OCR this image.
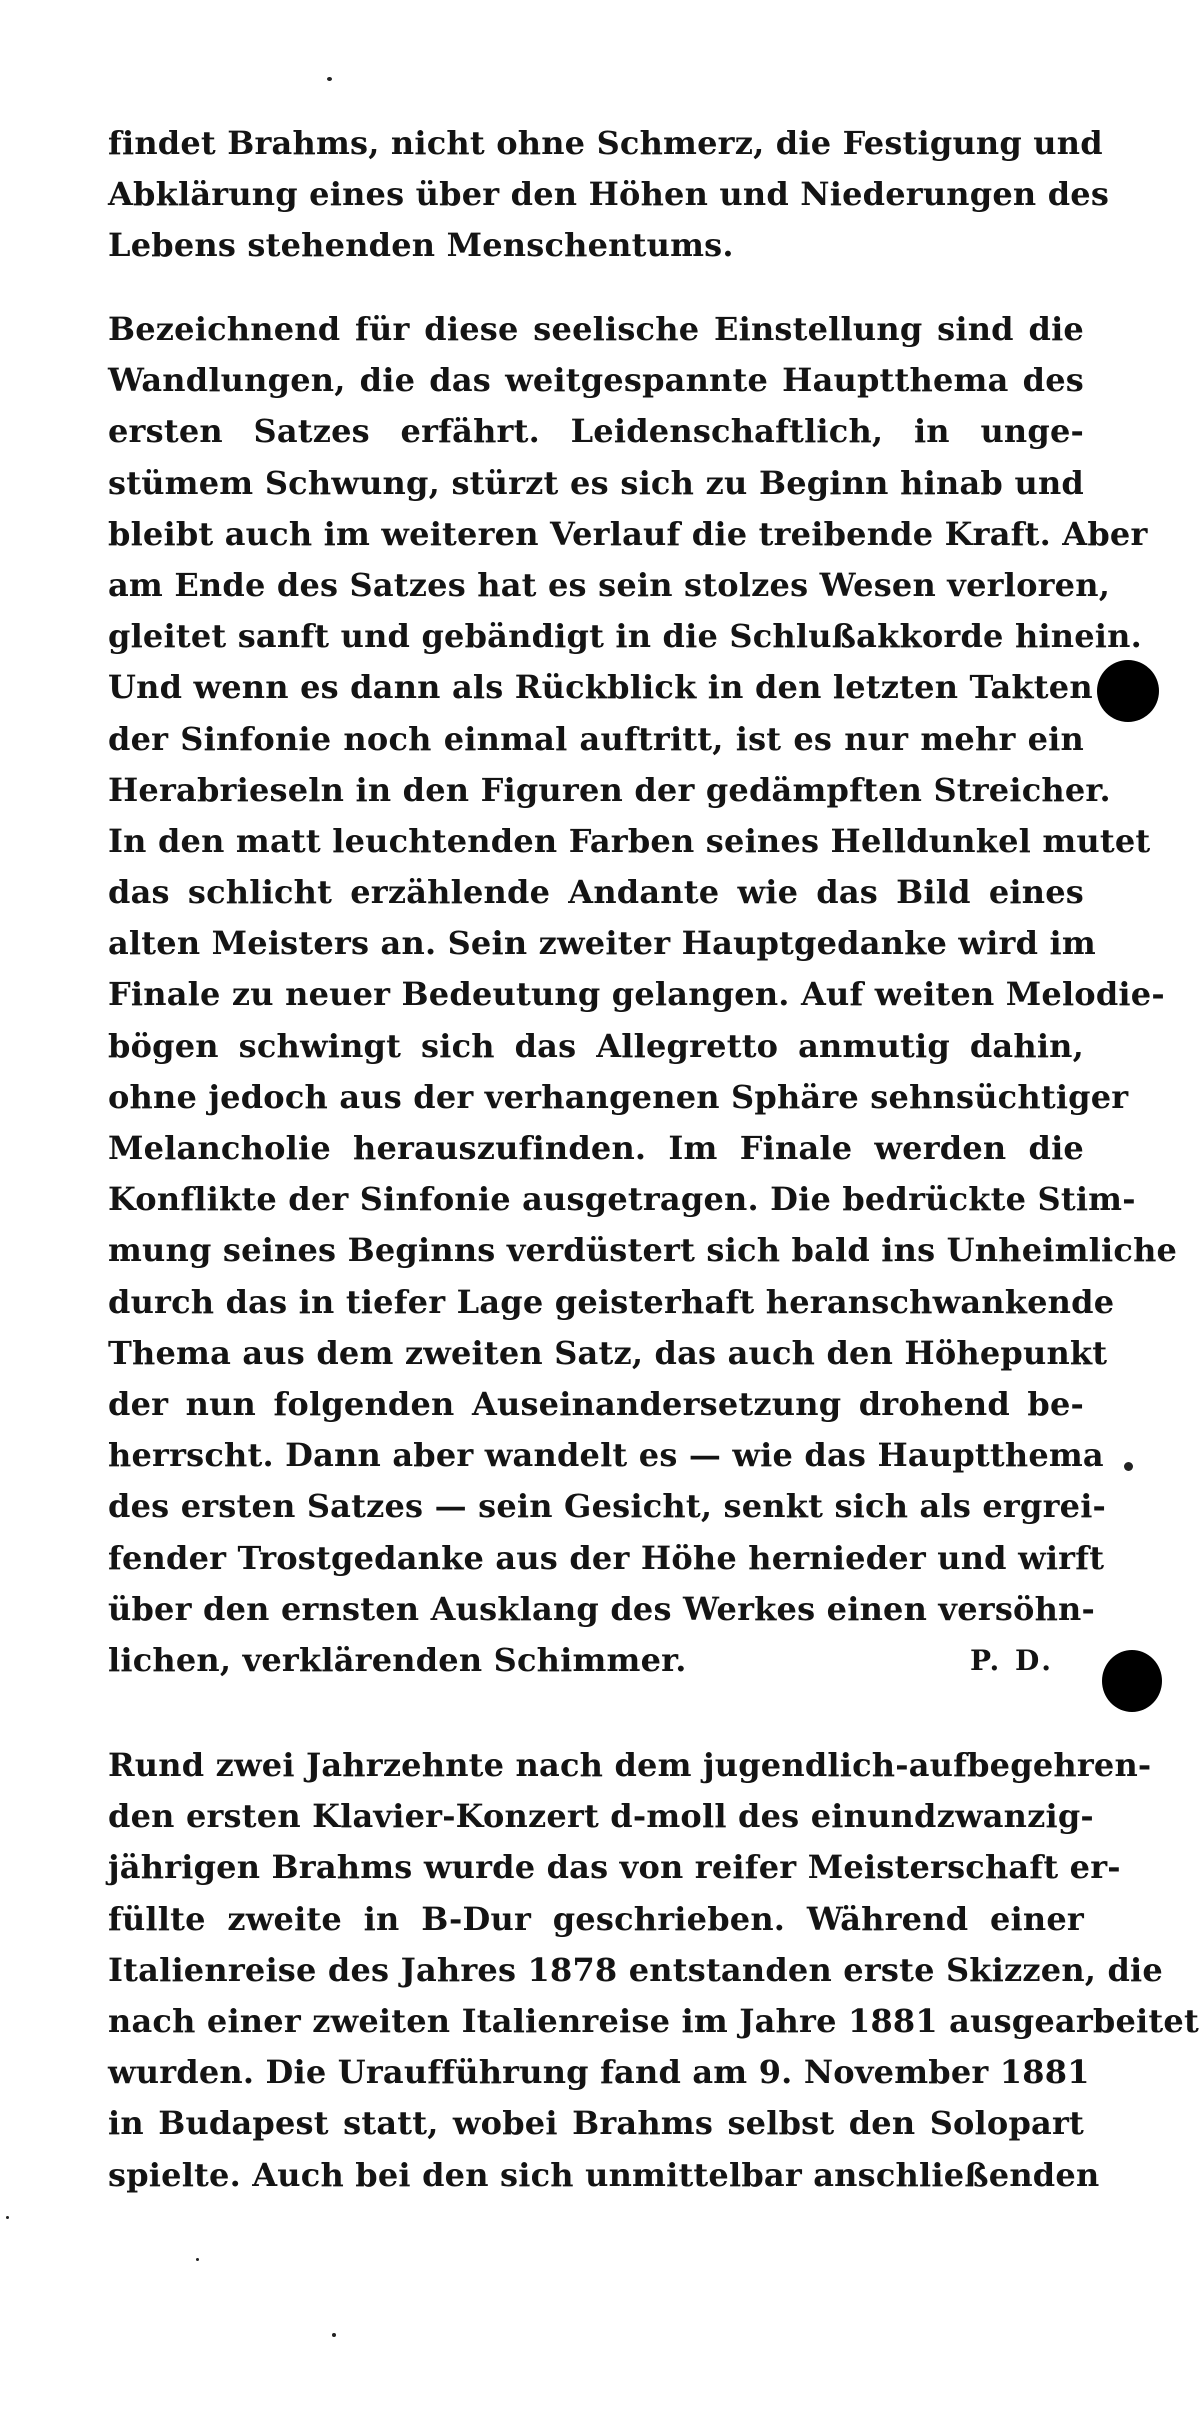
findet Brahms, nicht ohne Schmerz, die Festigung und
Abklärung eines über den Höhen und Niederungen des
Lebens stehenden Menschentums.
Bezeichnend für diese seelische Einstellung sind die
Wandlungen, die das weitgespannte Hauptthema des
ersten Satzes erfährt. Leidenschaftlich, in unge-
stümem Schwung, stürzt es sich zu Beginn hinab und
bleibt auch im weiteren Verlauf die treibende Kraft. Aber
am Ende des Satzes hat es sein stolzes Wesen verloren,
gleitet sanft und gebändigt in die Schlußakkorde hinein.
Und wenn es dann als Rückblick in den letzten Takten
der Sinfonie noch einmal auftritt, ist es nur mehr ein
Herabrieseln in den Figuren der gedämpften Streicher.
In den matt leuchtenden Farben seines Helldunkel mutet
das schlicht erzählende Andante wie das Bild eines
alten Meisters an. Sein zweiter Hauptgedanke wird im
Finale zu neuer Bedeutung gelangen. Auf weiten Melodie-
bögen schwingt sich das Allegretto anmutig dahin,
ohne jedoch aus der verhangenen Sphäre sehnsüchtiger
Melancholie herauszufinden. Im Finale werden die
Konflikte der Sinfonie ausgetragen. Die bedrückte Stim-
mung seines Beginns verdüstert sich bald ins Unheimliche
durch das in tiefer Lage geisterhaft heranschwankende
Thema aus dem zweiten Satz, das auch den Höhepunkt
der nun folgenden Auseinandersetzung drohend be-
herrscht. Dann aber wandelt es — wie das Hauptthema
des ersten Satzes — sein Gesicht, senkt sich als ergrei-
fender Trostgedanke aus der Höhe hernieder und wirft
über den ernsten Ausklang des Werkes einen versöhn-
lichen, verklärenden Schimmer.	P. D.
Rund zwei Jahrzehnte nach dem jugendlich-aufbegehren-
den ersten Klavier-Konzert d-moll des einundzwanzig-
jährigen Brahms wurde das von reifer Meisterschaft er-
füllte zweite in B-Dur geschrieben. Während einer
Italienreise des Jahres 1878 entstanden erste Skizzen, die
nach einer zweiten Italienreise im Jahre 1881 ausgearbeitet
wurden. Die Uraufführung fand am 9. November 1881
in Budapest statt, wobei Brahms selbst den Solopart
spielte. Auch bei den sich unmittelbar anschließenden
